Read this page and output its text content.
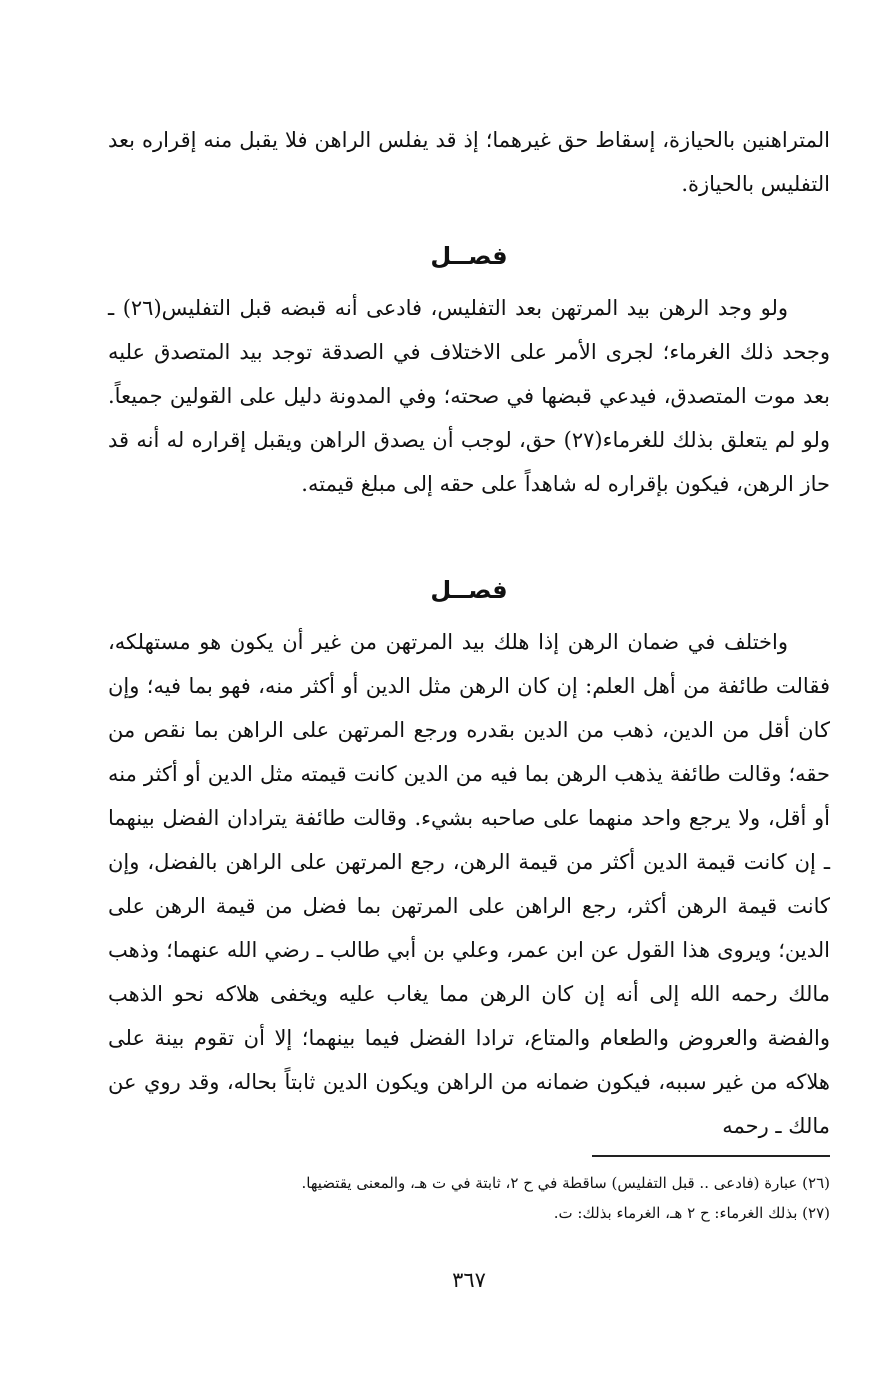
المتراهنين بالحيازة، إسقاط حق غيرهما؛ إذ قد يفلس الراهن فلا يقبل منه إقراره بعد التفليس بالحيازة.

فصــل

ولو وجد الرهن بيد المرتهن بعد التفليس، فادعى أنه قبضه قبل التفليس(٢٦) ـ وجحد ذلك الغرماء؛ لجرى الأمر على الاختلاف في الصدقة توجد بيد المتصدق عليه بعد موت المتصدق، فيدعي قبضها في صحته؛ وفي المدونة دليل على القولين جميعاً. ولو لم يتعلق بذلك للغرماء(٢٧) حق، لوجب أن يصدق الراهن ويقبل إقراره له أنه قد حاز الرهن، فيكون بإقراره له شاهداً على حقه إلى مبلغ قيمته.

فصــل

واختلف في ضمان الرهن إذا هلك بيد المرتهن من غير أن يكون هو مستهلكه، فقالت طائفة من أهل العلم: إن كان الرهن مثل الدين أو أكثر منه، فهو بما فيه؛ وإن كان أقل من الدين، ذهب من الدين بقدره ورجع المرتهن على الراهن بما نقص من حقه؛ وقالت طائفة يذهب الرهن بما فيه من الدين كانت قيمته مثل الدين أو أكثر منه أو أقل، ولا يرجع واحد منهما على صاحبه بشيء. وقالت طائفة يترادان الفضل بينهما ـ إن كانت قيمة الدين أكثر من قيمة الرهن، رجع المرتهن على الراهن بالفضل، وإن كانت قيمة الرهن أكثر، رجع الراهن على المرتهن بما فضل من قيمة الرهن على الدين؛ ويروى هذا القول عن ابن عمر، وعلي بن أبي طالب ـ رضي الله عنهما؛ وذهب مالك رحمه الله إلى أنه إن كان الرهن مما يغاب عليه ويخفى هلاكه نحو الذهب والفضة والعروض والطعام والمتاع، ترادا الفضل فيما بينهما؛ إلا أن تقوم بينة على هلاكه من غير سببه، فيكون ضمانه من الراهن ويكون الدين ثابتاً بحاله، وقد روي عن مالك ـ رحمه

(٢٦) عبارة (فادعى .. قبل التفليس) ساقطة في ح ٢، ثابتة في ت هـ، والمعنى يقتضيها.

(٢٧) بذلك الغرماء: ح ٢ هـ، الغرماء بذلك: ت.

٣٦٧
